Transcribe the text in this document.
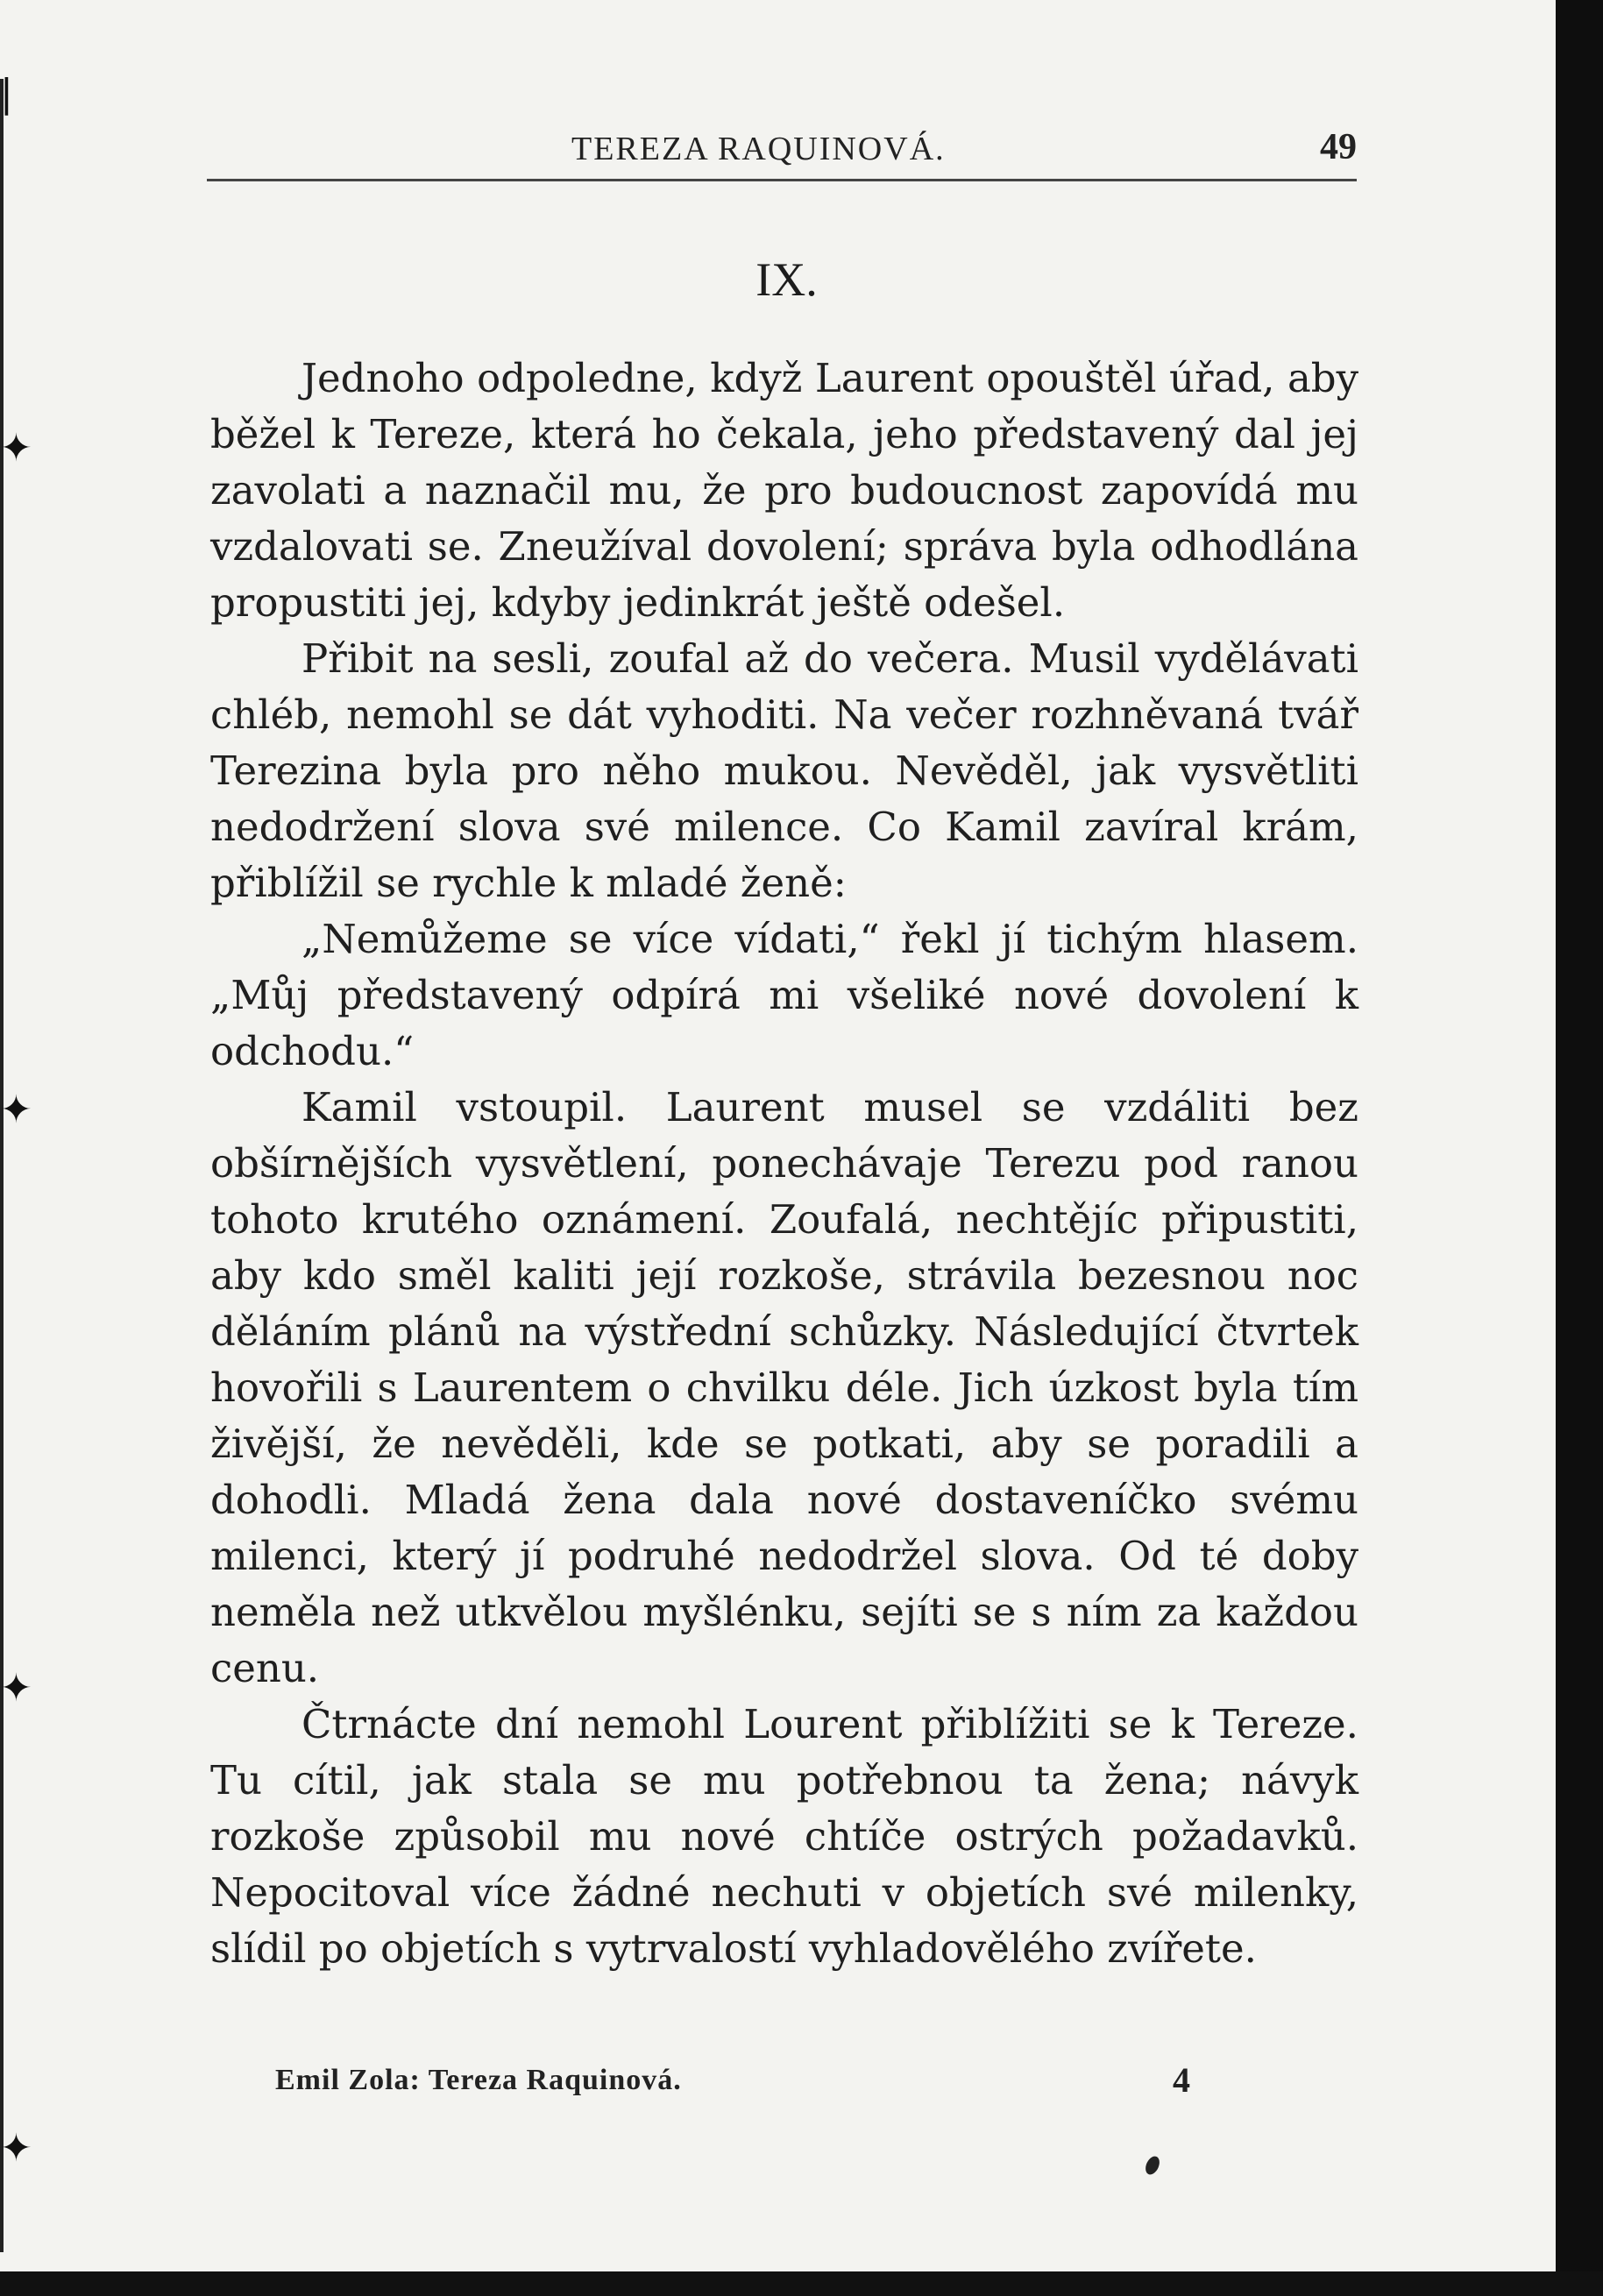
|
✦
✦
✦
✦
TEREZA RAQUINOVÁ.	49
IX.

Jednoho odpoledne, když Laurent opouštěl úřad, aby běžel k Tereze, která ho čekala, jeho představený dal jej zavolati a naznačil mu, že pro budoucnost zapovídá mu vzdalovati se. Zneužíval dovolení; správa byla odhodlána propustiti jej, kdyby jedinkrát ještě odešel.

Přibit na sesli, zoufal až do večera. Musil vydělávati chléb, nemohl se dát vyhoditi. Na večer rozhněvaná tvář Terezina byla pro něho mukou. Nevěděl, jak vysvětliti nedodržení slova své milence. Co Kamil zavíral krám, přiblížil se rychle k mladé ženě:

„Nemůžeme se více vídati,“ řekl jí tichým hlasem. „Můj představený odpírá mi všeliké nové dovolení k odchodu.“

Kamil vstoupil. Laurent musel se vzdáliti bez obšírnějších vysvětlení, ponechávaje Terezu pod ranou tohoto krutého oznámení. Zoufalá, nechtějíc připustiti, aby kdo směl kaliti její rozkoše, strávila bezesnou noc děláním plánů na výstřední schůzky. Následující čtvrtek hovořili s Laurentem o chvilku déle. Jich úzkost byla tím živější, že nevěděli, kde se potkati, aby se poradili a dohodli. Mladá žena dala nové dostaveníčko svému milenci, který jí podruhé nedodržel slova. Od té doby neměla než utkvělou myšlénku, sejíti se s ním za každou cenu.

Čtrnácte dní nemohl Lourent přiblížiti se k Tereze. Tu cítil, jak stala se mu potřebnou ta žena; návyk rozkoše způsobil mu nové chtíče ostrých požadavků. Nepocitoval více žádné nechuti v objetích své milenky, slídil po objetích s vytrvalostí vyhladovělého zvířete.

Emil Zola: Tereza Raquinová.	4
